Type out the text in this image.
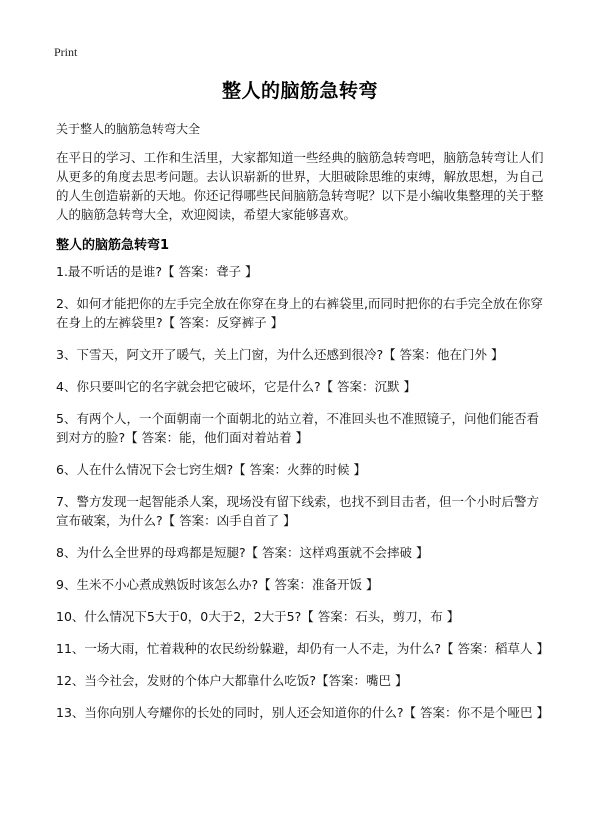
Print
整人的脑筋急转弯
关于整人的脑筋急转弯大全

在平日的学习、工作和生活里，大家都知道一些经典的脑筋急转弯吧，脑筋急转弯让人们从更多的角度去思考问题。去认识崭新的世界，大胆破除思维的束缚，解放思想，为自己的人生创造崭新的天地。你还记得哪些民间脑筋急转弯呢？以下是小编收集整理的关于整人的脑筋急转弯大全，欢迎阅读，希望大家能够喜欢。

整人的脑筋急转弯1
1.最不听话的是谁?【 答案：聋子 】
2、如何才能把你的左手完全放在你穿在身上的右裤袋里,而同时把你的右手完全放在你穿在身上的左裤袋里?【 答案：反穿裤子 】
3、下雪天，阿文开了暖气，关上门窗，为什么还感到很冷?【 答案：他在门外 】
4、你只要叫它的名字就会把它破坏，它是什么?【 答案：沉默 】
5、有两个人，一个面朝南一个面朝北的站立着，不准回头也不准照镜子，问他们能否看到对方的脸?【 答案：能，他们面对着站着 】
6、人在什么情况下会七窍生烟?【 答案：火葬的时候 】
7、警方发现一起智能杀人案，现场没有留下线索，也找不到目击者，但一个小时后警方宣布破案，为什么?【 答案：凶手自首了 】
8、为什么全世界的母鸡都是短腿?【 答案：这样鸡蛋就不会摔破 】
9、生米不小心煮成熟饭时该怎么办?【 答案：准备开饭 】
10、什么情况下5大于0，0大于2，2大于5?【 答案：石头，剪刀，布 】
11、一场大雨，忙着栽种的农民纷纷躲避，却仍有一人不走，为什么?【 答案：稻草人 】
12、当今社会，发财的个体户大都靠什么吃饭?【答案：嘴巴 】
13、当你向别人夸耀你的长处的同时，别人还会知道你的什么?【 答案：你不是个哑巴 】
